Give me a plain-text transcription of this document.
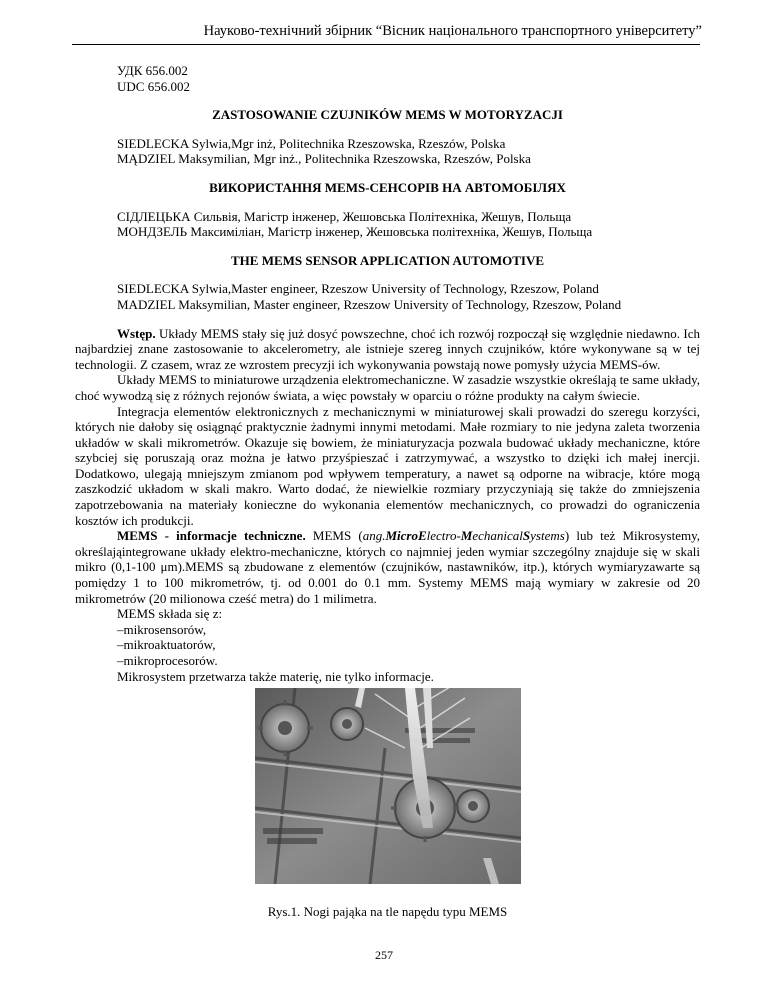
Науково-технічний збірник “Вісник національного транспортного університету”
УДК 656.002
UDC 656.002
ZASTOSOWANIE CZUJNIKÓW MEMS W MOTORYZACJI
SIEDLECKA Sylwia,Mgr inż, Politechnika Rzeszowska, Rzeszów, Polska
MĄDZIEL Maksymilian, Mgr inż., Politechnika Rzeszowska, Rzeszów, Polska
ВИКОРИСТАННЯ MEMS-СЕНСОРІВ НА АВТОМОБІЛЯХ
СІДЛЕЦЬКА Сильвія, Магістр інженер, Жешовська Політехніка, Жешув, Польща
МОНДЗЕЛЬ Максиміліан, Магістр інженер, Жешовська політехніка, Жешув, Польща
THE MEMS SENSOR APPLICATION AUTOMOTIVE
SIEDLECKA Sylwia,Master engineer, Rzeszow University of Technology, Rzeszow, Poland
MADZIEL Maksymilian, Master engineer, Rzeszow University of Technology, Rzeszow, Poland

Wstęp. Układy MEMS stały się już dosyć powszechne, choć ich rozwój rozpoczął się względnie niedawno. Ich najbardziej znane zastosowanie to akcelerometry, ale istnieje szereg innych czujników, które wykonywane są w tej technologii. Z czasem, wraz ze wzrostem precyzji ich wykonywania powstają nowe pomysły użycia MEMS-ów.

Układy MEMS to miniaturowe urządzenia elektromechaniczne. W zasadzie wszystkie określają te same układy, choć wywodzą się z różnych rejonów świata, a więc powstały w oparciu o różne produkty na całym świecie.

Integracja elementów elektronicznych z mechanicznymi w miniaturowej skali prowadzi do szeregu korzyści, których nie dałoby się osiągnąć praktycznie żadnymi innymi metodami. Małe rozmiary to nie jedyna zaleta tworzenia układów w skali mikrometrów. Okazuje się bowiem, że miniaturyzacja pozwala budować układy mechaniczne, które szybciej się poruszają oraz można je łatwo przyśpieszać i zatrzymywać, a wszystko to dzięki ich małej inercji. Dodatkowo, ulegają mniejszym zmianom pod wpływem temperatury, a nawet są odporne na wibracje, które mogą zaszkodzić układom w skali makro. Warto dodać, że niewielkie rozmiary przyczyniają się także do zmniejszenia zapotrzebowania na materiały konieczne do wykonania elementów mechanicznych, co prowadzi do ograniczenia kosztów ich produkcji.

MEMS - informacje techniczne. MEMS (ang.MicroElectro-MechanicalSystems) lub też Mikrosystemy, określająintegrowane układy elektro-mechaniczne, których co najmniej jeden wymiar szczególny znajduje się w skali mikro (0,1-100 μm).MEMS są zbudowane z elementów (czujników, nastawników, itp.), których wymiaryzawarte są pomiędzy 1 to 100 mikrometrów, tj. od 0.001 do 0.1 mm. Systemy MEMS mają wymiary w zakresie od 20 mikrometrów (20 milionowa cześć metra) do 1 milimetra.

MEMS składa się z:

–mikrosensorów,

–mikroaktuatorów,

–mikroprocesorów.

Mikrosystem przetwarza także materię, nie tylko informacje.

Rys.1. Nogi pająka na tle napędu typu MEMS
257
